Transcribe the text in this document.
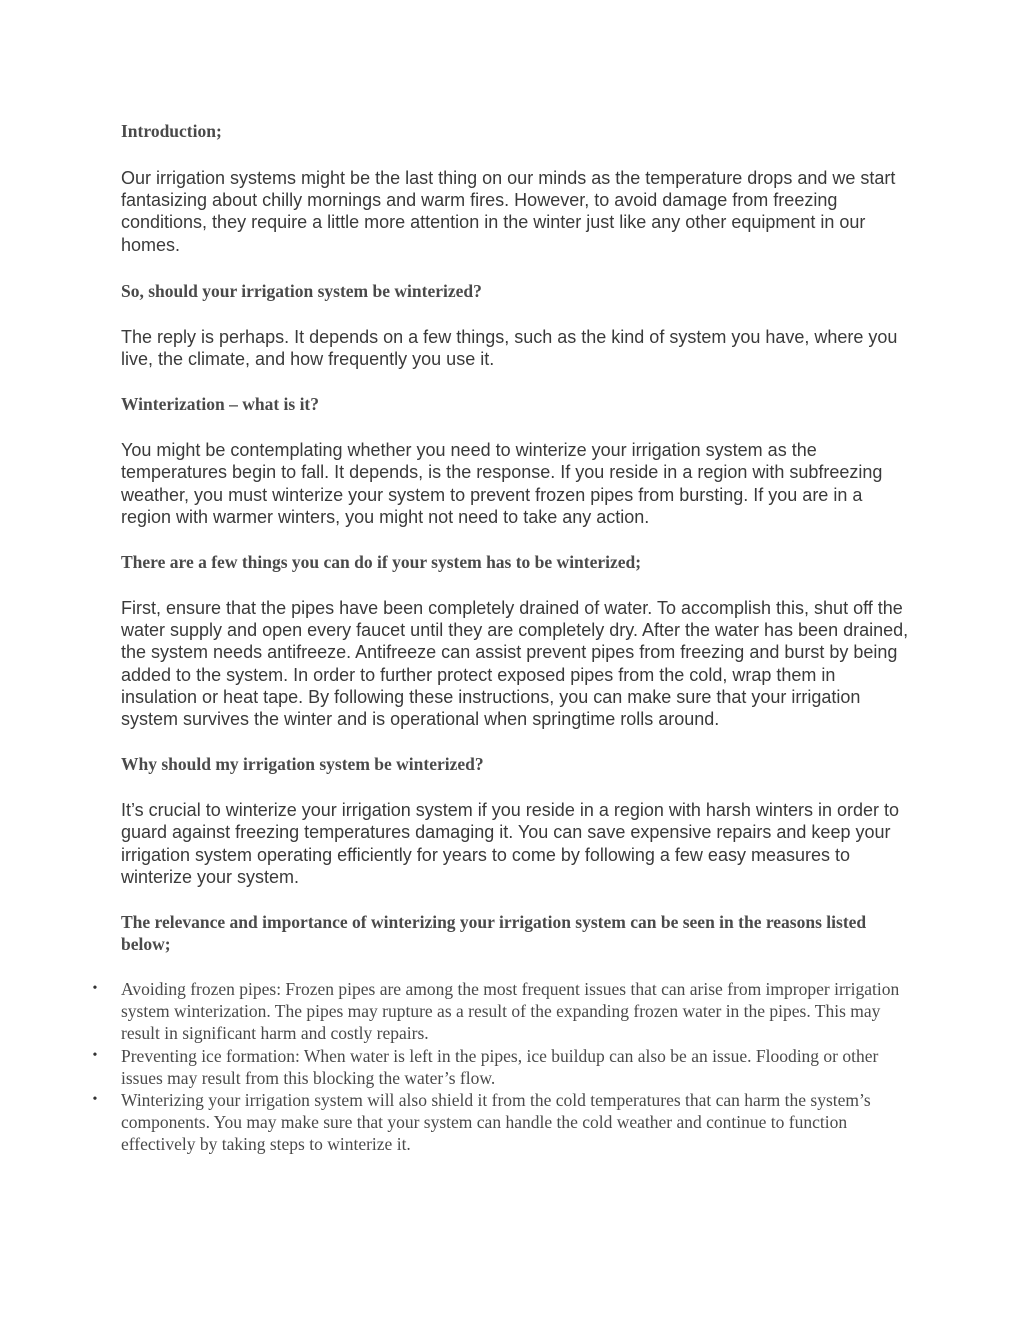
Introduction;

Our irrigation systems might be the last thing on our minds as the temperature drops and we start fantasizing about chilly mornings and warm fires. However, to avoid damage from freezing conditions, they require a little more attention in the winter just like any other equipment in our homes.

So, should your irrigation system be winterized?

The reply is perhaps. It depends on a few things, such as the kind of system you have, where you live, the climate, and how frequently you use it.

Winterization – what is it?

You might be contemplating whether you need to winterize your irrigation system as the temperatures begin to fall. It depends, is the response. If you reside in a region with subfreezing weather, you must winterize your system to prevent frozen pipes from bursting. If you are in a region with warmer winters, you might not need to take any action.

There are a few things you can do if your system has to be winterized;

First, ensure that the pipes have been completely drained of water. To accomplish this, shut off the water supply and open every faucet until they are completely dry. After the water has been drained, the system needs antifreeze. Antifreeze can assist prevent pipes from freezing and burst by being added to the system. In order to further protect exposed pipes from the cold, wrap them in insulation or heat tape. By following these instructions, you can make sure that your irrigation system survives the winter and is operational when springtime rolls around.

Why should my irrigation system be winterized?

It’s crucial to winterize your irrigation system if you reside in a region with harsh winters in order to guard against freezing temperatures damaging it. You can save expensive repairs and keep your irrigation system operating efficiently for years to come by following a few easy measures to winterize your system.

The relevance and importance of winterizing your irrigation system can be seen in the reasons listed below;
• Avoiding frozen pipes: Frozen pipes are among the most frequent issues that can arise from improper irrigation system winterization. The pipes may rupture as a result of the expanding frozen water in the pipes. This may result in significant harm and costly repairs.
• Preventing ice formation: When water is left in the pipes, ice buildup can also be an issue. Flooding or other issues may result from this blocking the water’s flow.
• Winterizing your irrigation system will also shield it from the cold temperatures that can harm the system’s components. You may make sure that your system can handle the cold weather and continue to function effectively by taking steps to winterize it.
